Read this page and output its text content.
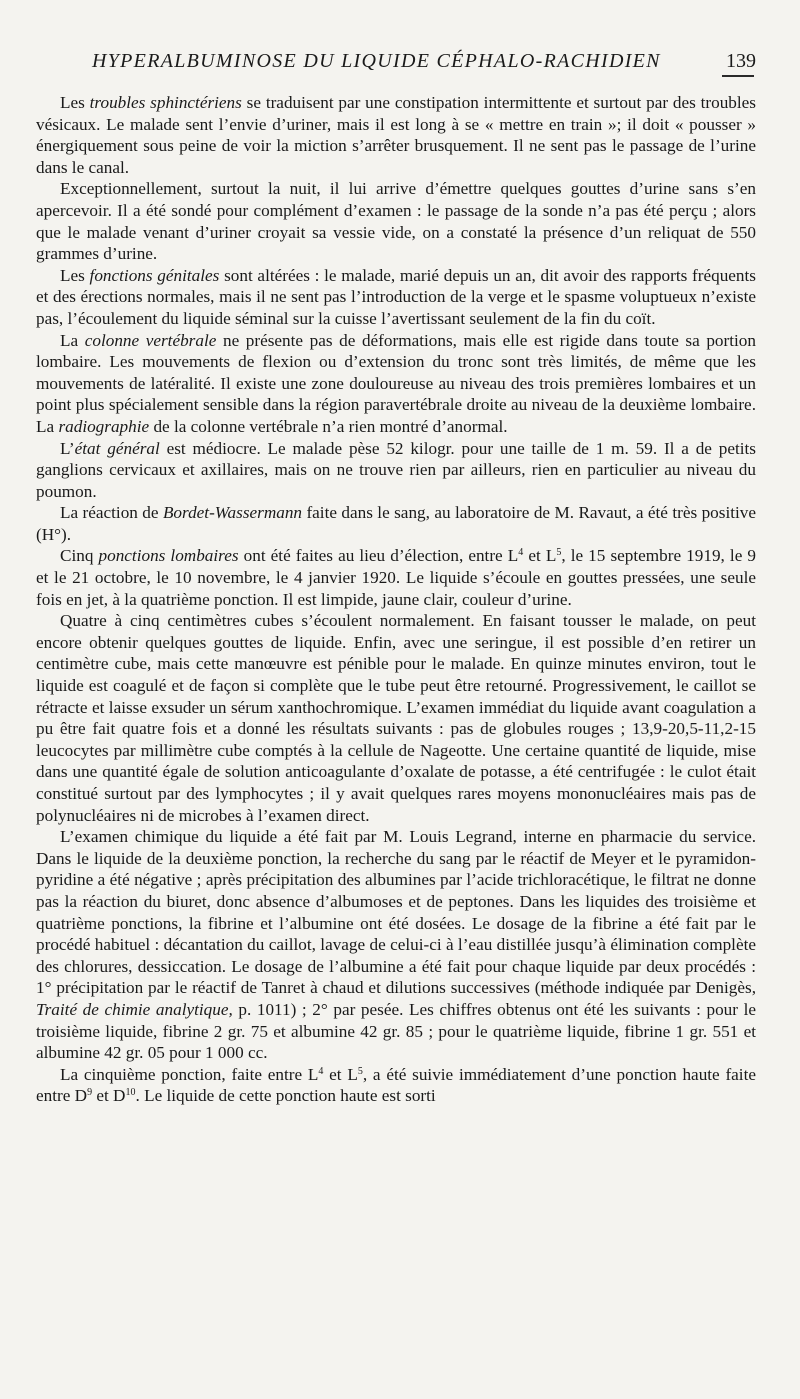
HYPERALBUMINOSE DU LIQUIDE CÉPHALO-RACHIDIEN	139

Les troubles sphinctériens se traduisent par une constipation intermittente et surtout par des troubles vésicaux. Le malade sent l’envie d’uriner, mais il est long à se « mettre en train »; il doit « pousser » énergiquement sous peine de voir la miction s’arrêter brusquement. Il ne sent pas le passage de l’urine dans le canal.

Exceptionnellement, surtout la nuit, il lui arrive d’émettre quelques gouttes d’urine sans s’en apercevoir. Il a été sondé pour complément d’examen : le passage de la sonde n’a pas été perçu ; alors que le malade venant d’uriner croyait sa vessie vide, on a constaté la présence d’un reliquat de 550 grammes d’urine.

Les fonctions génitales sont altérées : le malade, marié depuis un an, dit avoir des rapports fréquents et des érections normales, mais il ne sent pas l’introduction de la verge et le spasme voluptueux n’existe pas, l’écoulement du liquide séminal sur la cuisse l’avertissant seulement de la fin du coït.

La colonne vertébrale ne présente pas de déformations, mais elle est rigide dans toute sa portion lombaire. Les mouvements de flexion ou d’extension du tronc sont très limités, de même que les mouvements de latéralité. Il existe une zone douloureuse au niveau des trois premières lombaires et un point plus spécialement sensible dans la région paravertébrale droite au niveau de la deuxième lombaire. La radiographie de la colonne vertébrale n’a rien montré d’anormal.

L’état général est médiocre. Le malade pèse 52 kilogr. pour une taille de 1 m. 59. Il a de petits ganglions cervicaux et axillaires, mais on ne trouve rien par ailleurs, rien en particulier au niveau du poumon.

La réaction de Bordet-Wassermann faite dans le sang, au laboratoire de M. Ravaut, a été très positive (H°).

Cinq ponctions lombaires ont été faites au lieu d’élection, entre $L^4$ et $L^5$, le 15 septembre 1919, le 9 et le 21 octobre, le 10 novembre, le 4 janvier 1920. Le liquide s’écoule en gouttes pressées, une seule fois en jet, à la quatrième ponction. Il est limpide, jaune clair, couleur d’urine.

Quatre à cinq centimètres cubes s’écoulent normalement. En faisant tousser le malade, on peut encore obtenir quelques gouttes de liquide. Enfin, avec une seringue, il est possible d’en retirer un centimètre cube, mais cette manœuvre est pénible pour le malade. En quinze minutes environ, tout le liquide est coagulé et de façon si complète que le tube peut être retourné. Progressivement, le caillot se rétracte et laisse exsuder un sérum xanthochromique. L’examen immédiat du liquide avant coagulation a pu être fait quatre fois et a donné les résultats suivants : pas de globules rouges ; 13,9-20,5-11,2-15 leucocytes par millimètre cube comptés à la cellule de Nageotte. Une certaine quantité de liquide, mise dans une quantité égale de solution anticoagulante d’oxalate de potasse, a été centrifugée : le culot était constitué surtout par des lymphocytes ; il y avait quelques rares moyens mononucléaires mais pas de polynucléaires ni de microbes à l’examen direct.

L’examen chimique du liquide a été fait par M. Louis Legrand, interne en pharmacie du service. Dans le liquide de la deuxième ponction, la recherche du sang par le réactif de Meyer et le pyramidon-pyridine a été négative ; après précipitation des albumines par l’acide trichloracétique, le filtrat ne donne pas la réaction du biuret, donc absence d’albumoses et de peptones. Dans les liquides des troisième et quatrième ponctions, la fibrine et l’albumine ont été dosées. Le dosage de la fibrine a été fait par le procédé habituel : décantation du caillot, lavage de celui-ci à l’eau distillée jusqu’à élimination complète des chlorures, dessiccation. Le dosage de l’albumine a été fait pour chaque liquide par deux procédés : 1° précipitation par le réactif de Tanret à chaud et dilutions successives (méthode indiquée par Denigès, Traité de chimie analytique, p. 1011) ; 2° par pesée. Les chiffres obtenus ont été les suivants : pour le troisième liquide, fibrine 2 gr. 75 et albumine 42 gr. 85 ; pour le quatrième liquide, fibrine 1 gr. 551 et albumine 42 gr. 05 pour 1 000 cc.

La cinquième ponction, faite entre $L^4$ et $L^5$, a été suivie immédiatement d’une ponction haute faite entre $D^9$ et $D^{10}$. Le liquide de cette ponction haute est sorti
